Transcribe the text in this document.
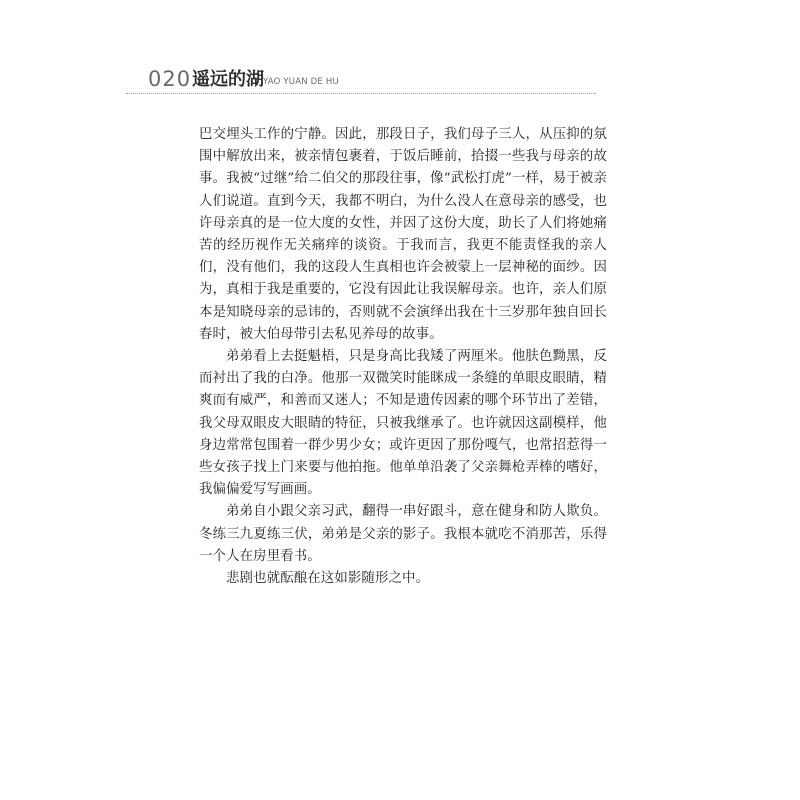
020 遥远的湖 YAO YUAN DE HU

巴交埋头工作的宁静。因此，那段日子，我们母子三人，从压抑的氛围中解放出来，被亲情包裹着，于饭后睡前，拾掇一些我与母亲的故事。我被“过继”给二伯父的那段往事，像“武松打虎”一样，易于被亲人们说道。直到今天，我都不明白，为什么没人在意母亲的感受，也许母亲真的是一位大度的女性，并因了这份大度，助长了人们将她痛苦的经历视作无关痛痒的谈资。于我而言，我更不能责怪我的亲人们，没有他们，我的这段人生真相也许会被蒙上一层神秘的面纱。因为，真相于我是重要的，它没有因此让我误解母亲。也许，亲人们原本是知晓母亲的忌讳的，否则就不会演绎出我在十三岁那年独自回长春时，被大伯母带引去私见养母的故事。

弟弟看上去挺魁梧，只是身高比我矮了两厘米。他肤色黝黑，反而衬出了我的白净。他那一双微笑时能眯成一条缝的单眼皮眼睛，精爽而有威严，和善而又迷人；不知是遗传因素的哪个环节出了差错，我父母双眼皮大眼睛的特征，只被我继承了。也许就因这副模样，他身边常常包围着一群少男少女；或许更因了那份嘎气，也常招惹得一些女孩子找上门来要与他拍拖。他单单沿袭了父亲舞枪弄棒的嗜好，我偏偏爱写写画画。

弟弟自小跟父亲习武，翻得一串好跟斗，意在健身和防人欺负。冬练三九夏练三伏，弟弟是父亲的影子。我根本就吃不消那苦，乐得一个人在房里看书。

悲剧也就酝酿在这如影随形之中。
